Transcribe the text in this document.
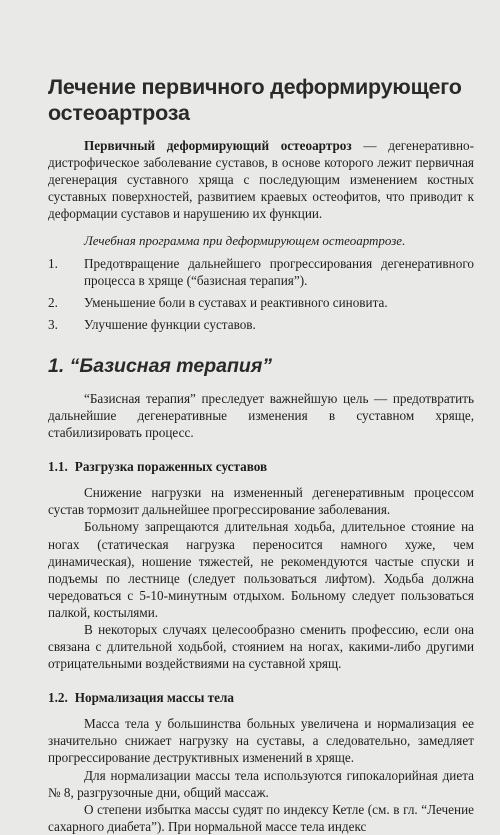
Лечение первичного деформирующего остеоартроза

Первичный деформирующий остеоартроз — дегенеративно-дистрофическое заболевание суставов, в основе которого лежит первичная дегенерация суставного хряща с последующим изменением костных суставных поверхностей, развитием краевых остеофитов, что приводит к деформации суставов и нарушению их функции.

Лечебная программа при деформирующем остеоартрозе.

1.	Предотвращение дальнейшего прогрессирования дегенеративного процесса в хряще (“базисная терапия”).
2.	Уменьшение боли в суставах и реактивного синовита.
3.	Улучшение функции суставов.
1. “Базисная терапия”

“Базисная терапия” преследует важнейшую цель — предотвратить дальнейшие дегенеративные изменения в суставном хряще, стабилизировать процесс.

1.1. Разгрузка пораженных суставов

Снижение нагрузки на измененный дегенеративным процессом сустав тормозит дальнейшее прогрессирование заболевания.

Больному запрещаются длительная ходьба, длительное стояние на ногах (статическая нагрузка переносится намного хуже, чем динамическая), ношение тяжестей, не рекомендуются частые спуски и подъемы по лестнице (следует пользоваться лифтом). Ходьба должна чередоваться с 5-10-минутным отдыхом. Больному следует пользоваться палкой, костылями.

В некоторых случаях целесообразно сменить профессию, если она связана с длительной ходьбой, стоянием на ногах, какими-либо другими отрицательными воздействиями на суставной хрящ.

1.2. Нормализация массы тела

Масса тела у большинства больных увеличена и нормализация ее значительно снижает нагрузку на суставы, а следовательно, замедляет прогрессирование деструктивных изменений в хряще.

Для нормализации массы тела используются гипокалорийная диета № 8, разгрузочные дни, общий массаж.

О степени избытка массы судят по индексу Кетле (см. в гл. “Лечение сахарного диабета”). При нормальной массе тела индекс
